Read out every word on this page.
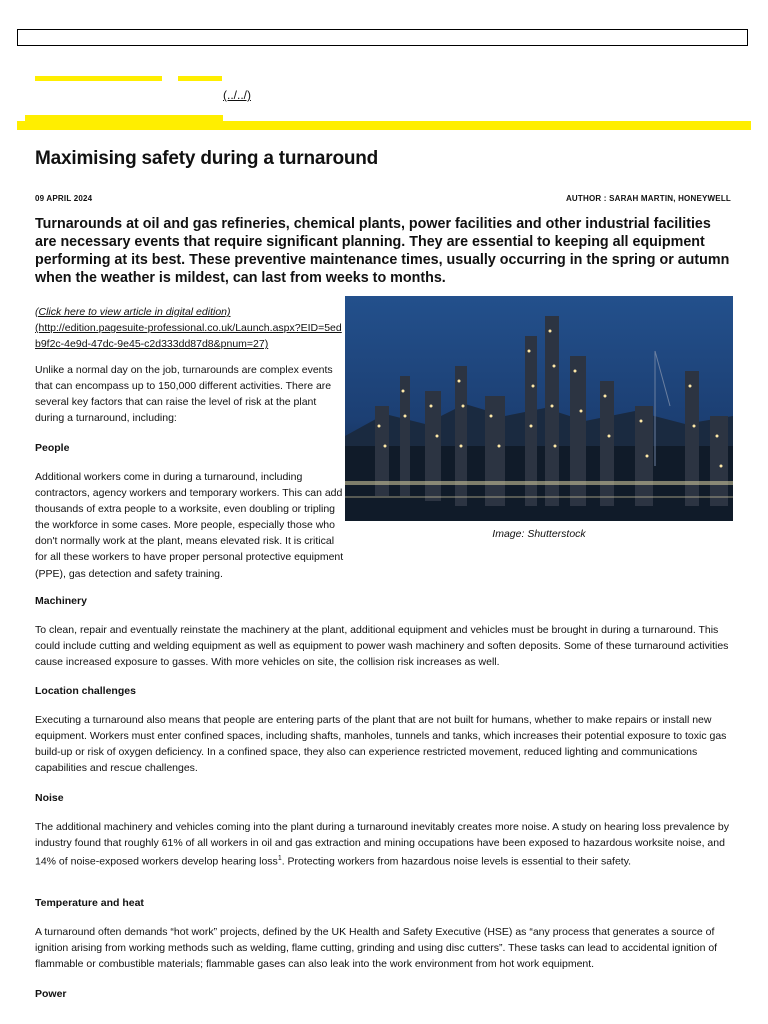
(../../)
Maximising safety during a turnaround
09 APRIL 2024	AUTHOR : SARAH MARTIN, HONEYWELL

Turnarounds at oil and gas refineries, chemical plants, power facilities and other industrial facilities are necessary events that require significant planning. They are essential to keeping all equipment performing at its best. These preventive maintenance times, usually occurring in the spring or autumn when the weather is mildest, can last from weeks to months.

(Click here to view article in digital edition)
(http://edition.pagesuite-professional.co.uk/Launch.aspx?EID=5edb9f2c-4e9d-47dc-9e45-c2d333dd87d8&pnum=27)

Unlike a normal day on the job, turnarounds are complex events that can encompass up to 150,000 different activities. There are several key factors that can raise the level of risk at the plant during a turnaround, including:

People

Additional workers come in during a turnaround, including contractors, agency workers and temporary workers. This can add thousands of extra people to a worksite, even doubling or tripling the workforce in some cases. More people, especially those who don't normally work at the plant, means elevated risk. It is critical for all these workers to have proper personal protective equipment (PPE), gas detection and safety training.

Image: Shutterstock

Machinery

To clean, repair and eventually reinstate the machinery at the plant, additional equipment and vehicles must be brought in during a turnaround. This could include cutting and welding equipment as well as equipment to power wash machinery and soften deposits. Some of these turnaround activities cause increased exposure to gasses. With more vehicles on site, the collision risk increases as well.

Location challenges

Executing a turnaround also means that people are entering parts of the plant that are not built for humans, whether to make repairs or install new equipment. Workers must enter confined spaces, including shafts, manholes, tunnels and tanks, which increases their potential exposure to toxic gas build-up or risk of oxygen deficiency. In a confined space, they also can experience restricted movement, reduced lighting and communications capabilities and rescue challenges.

Noise

The additional machinery and vehicles coming into the plant during a turnaround inevitably creates more noise. A study on hearing loss prevalence by industry found that roughly 61% of all workers in oil and gas extraction and mining occupations have been exposed to hazardous worksite noise, and 14% of noise-exposed workers develop hearing loss$^1$. Protecting workers from hazardous noise levels is essential to their safety.

Temperature and heat

A turnaround often demands “hot work” projects, defined by the UK Health and Safety Executive (HSE) as “any process that generates a source of ignition arising from working methods such as welding, flame cutting, grinding and using disc cutters”. These tasks can lead to accidental ignition of flammable or combustible materials; flammable gases can also leak into the work environment from hot work equipment.

Power
